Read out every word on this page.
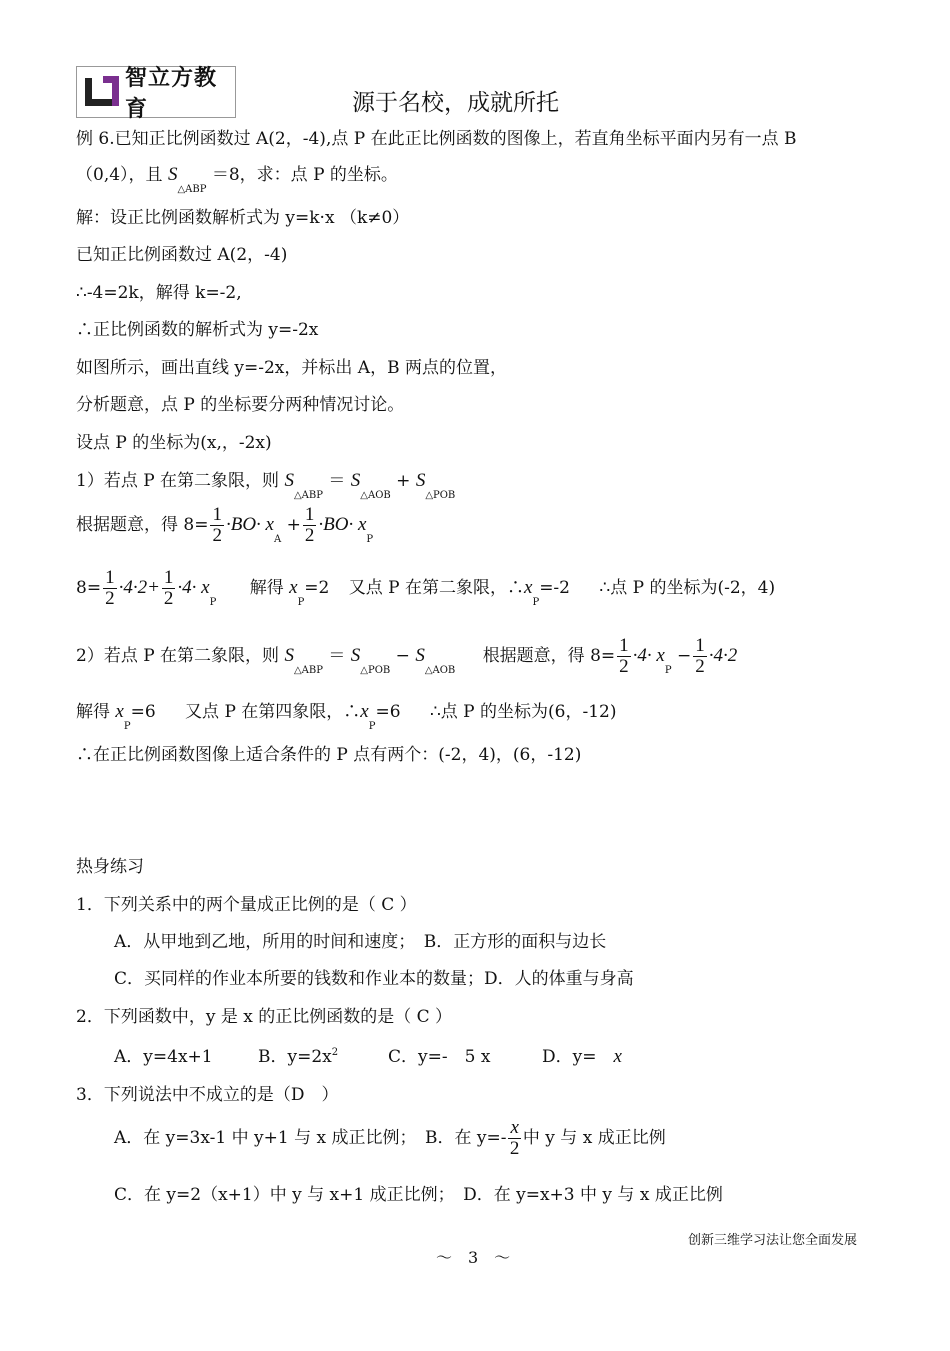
智立方教育	源于名校，成就所托
例 6.已知正比例函数过 A(2，-4),点 P 在此正比例函数的图像上，若直角坐标平面内另有一点 B
（0,4），且 $S_{\triangle ABP} =8$，求：点 P 的坐标。
解：设正比例函数解析式为 y=k·x （k≠0）
已知正比例函数过 A(2，-4)
∴-4=2k，解得 k=-2,
∴正比例函数的解析式为 y=-2x
如图所示，画出直线 y=-2x，并标出 A，B 两点的位置，
分析题意，点 P 的坐标要分两种情况讨论。
设点 P 的坐标为(x,，-2x)
1）若点 P 在第二象限，则 $S_{\triangle ABP} = S_{\triangle AOB} + S_{\triangle POB}$
根据题意，得 $8= \frac{1}{2} \cdot BO\cdot x_A + \frac{1}{2} \cdot BO\cdot x_P$
$8= \frac{1}{2} \cdot 4\cdot 2+ \frac{1}{2} \cdot 4\cdot x_P$ 解得 $x_P=2$ 又点 P 在第二象限，$\therefore x_P=-2$ ∴点 P 的坐标为(-2，4)
2）若点 P 在第二象限，则 $S_{\triangle ABP} = S_{\triangle POB} - S_{\triangle AOB}$ 根据题意，得 $8= \frac{1}{2} \cdot 4\cdot x_P - \frac{1}{2} \cdot 4\cdot 2$
解得 $x_P=6$ 又点 P 在第四象限，$\therefore x_P=6$ ∴点 P 的坐标为(6，-12)
∴在正比例函数图像上适合条件的 P 点有两个：(-2，4)，(6，-12)
热身练习
1．下列关系中的两个量成正比例的是（ C ）
A．从甲地到乙地，所用的时间和速度；　B．正方形的面积与边长
C．买同样的作业本所要的钱数和作业本的数量；D．人的体重与身高
2．下列函数中，y 是 x 的正比例函数的是（ C ）
A．y=4x+1	B．$y=2x^2$	C．y=-　5 x	D．y=　x
3．下列说法中不成立的是（D　）
A．在 y=3x-1 中 y+1 与 x 成正比例；　B．在 $y=- \frac{x}{2}$ 中 y 与 x 成正比例
C．在 y=2（x+1）中 y 与 x+1 成正比例；　D．在 y=x+3 中 y 与 x 成正比例
创新三维学习法让您全面发展
～　3　～
